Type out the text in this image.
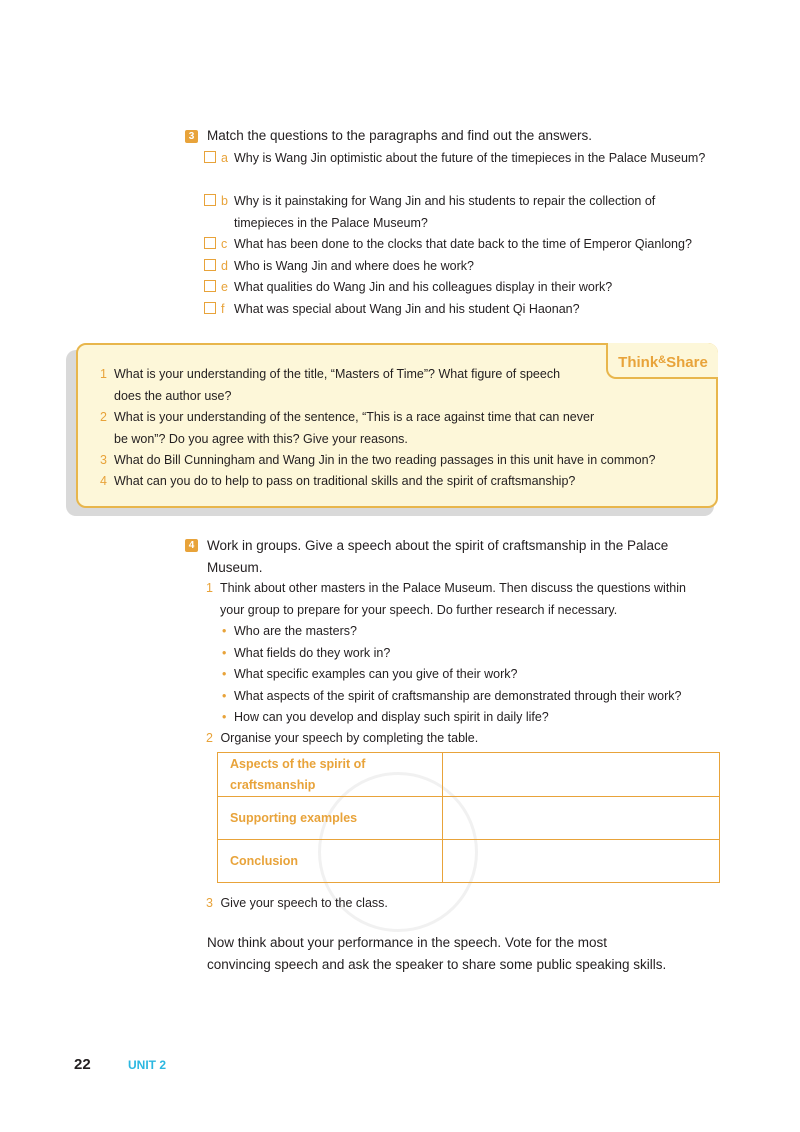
3 Match the questions to the paragraphs and find out the answers.
a Why is Wang Jin optimistic about the future of the timepieces in the Palace Museum?
b Why is it painstaking for Wang Jin and his students to repair the collection of timepieces in the Palace Museum?
c What has been done to the clocks that date back to the time of Emperor Qianlong?
d Who is Wang Jin and where does he work?
e What qualities do Wang Jin and his colleagues display in their work?
f What was special about Wang Jin and his student Qi Haonan?
Think&Share
1 What is your understanding of the title, “Masters of Time”? What figure of speech
does the author use?
2 What is your understanding of the sentence, “This is a race against time that can never
be won”? Do you agree with this? Give your reasons.
3 What do Bill Cunningham and Wang Jin in the two reading passages in this unit have in common?
4 What can you do to help to pass on traditional skills and the spirit of craftsmanship?
4 Work in groups. Give a speech about the spirit of craftsmanship in the Palace
Museum.
1 Think about other masters in the Palace Museum. Then discuss the questions within
your group to prepare for your speech. Do further research if necessary.
• Who are the masters?
• What fields do they work in?
• What specific examples can you give of their work?
• What aspects of the spirit of craftsmanship are demonstrated through their work?
• How can you develop and display such spirit in daily life?
2 Organise your speech by completing the table.
Aspects of the spirit of
craftsmanship	
Supporting examples	
Conclusion	
3 Give your speech to the class.
Now think about your performance in the speech. Vote for the most
convincing speech and ask the speaker to share some public speaking skills.
22	UNIT 2
